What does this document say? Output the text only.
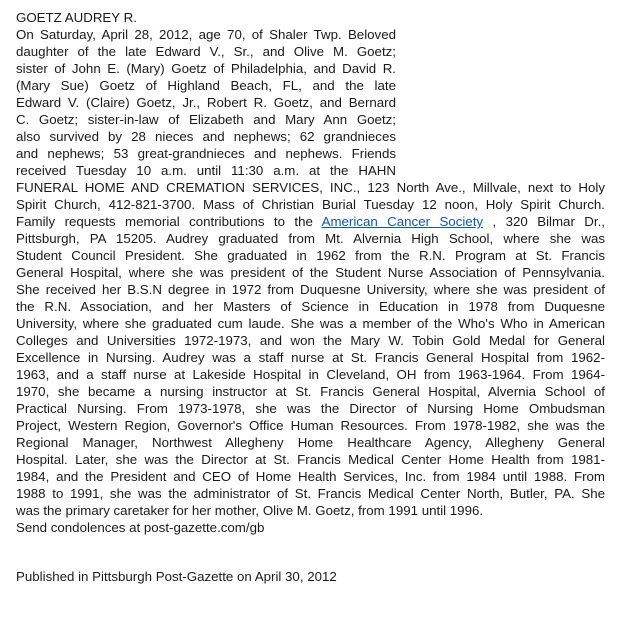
GOETZ AUDREY R.
On Saturday, April 28, 2012, age 70, of Shaler Twp. Beloved
daughter of the late Edward V., Sr., and Olive M. Goetz;
sister of John E. (Mary) Goetz of Philadelphia, and David R.
(Mary Sue) Goetz of Highland Beach, FL, and the late
Edward V. (Claire) Goetz, Jr., Robert R. Goetz, and Bernard
C. Goetz; sister-in-law of Elizabeth and Mary Ann Goetz;
also survived by 28 nieces and nephews; 62 grandnieces
and nephews; 53 great-grandnieces and nephews. Friends
received Tuesday 10 a.m. until 11:30 a.m. at the HAHN
FUNERAL HOME AND CREMATION SERVICES, INC., 123 North Ave., Millvale, next to Holy
Spirit Church, 412-821-3700. Mass of Christian Burial Tuesday 12 noon, Holy Spirit Church.
Family requests memorial contributions to the American Cancer Society , 320 Bilmar Dr.,
Pittsburgh, PA 15205. Audrey graduated from Mt. Alvernia High School, where she was
Student Council President. She graduated in 1962 from the R.N. Program at St. Francis
General Hospital, where she was president of the Student Nurse Association of Pennsylvania.
She received her B.S.N degree in 1972 from Duquesne University, where she was president of
the R.N. Association, and her Masters of Science in Education in 1978 from Duquesne
University, where she graduated cum laude. She was a member of the Who's Who in American
Colleges and Universities 1972-1973, and won the Mary W. Tobin Gold Medal for General
Excellence in Nursing. Audrey was a staff nurse at St. Francis General Hospital from 1962-
1963, and a staff nurse at Lakeside Hospital in Cleveland, OH from 1963-1964. From 1964-
1970, she became a nursing instructor at St. Francis General Hospital, Alvernia School of
Practical Nursing. From 1973-1978, she was the Director of Nursing Home Ombudsman
Project, Western Region, Governor's Office Human Resources. From 1978-1982, she was the
Regional Manager, Northwest Allegheny Home Healthcare Agency, Allegheny General
Hospital. Later, she was the Director at St. Francis Medical Center Home Health from 1981-
1984, and the President and CEO of Home Health Services, Inc. from 1984 until 1988. From
1988 to 1991, she was the administrator of St. Francis Medical Center North, Butler, PA. She
was the primary caretaker for her mother, Olive M. Goetz, from 1991 until 1996.
Send condolences at post-gazette.com/gb
Published in Pittsburgh Post-Gazette on April 30, 2012
